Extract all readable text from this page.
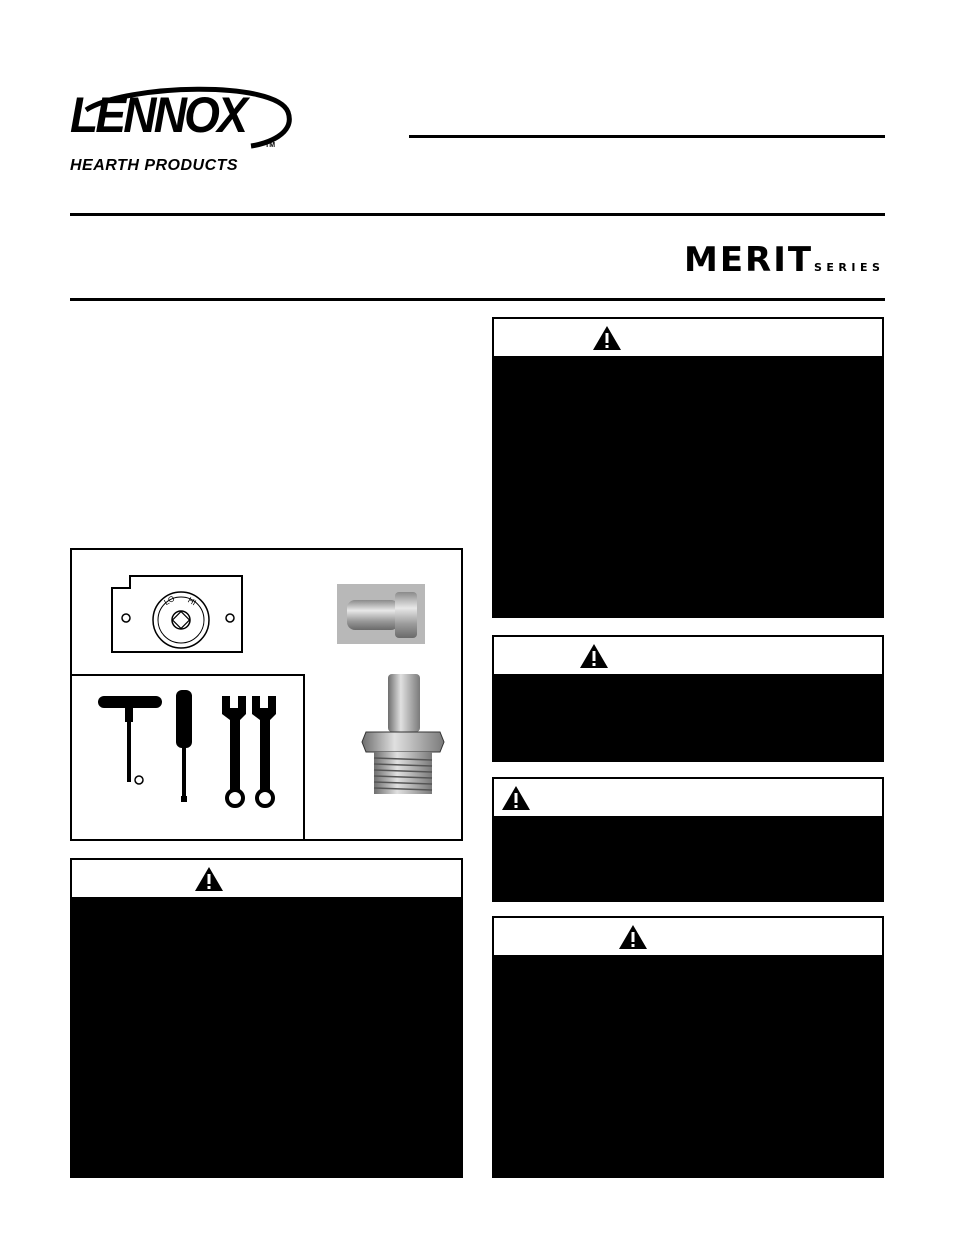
LENNOX
TM
HEARTH PRODUCTS
MERIT SERIES
LO HI
